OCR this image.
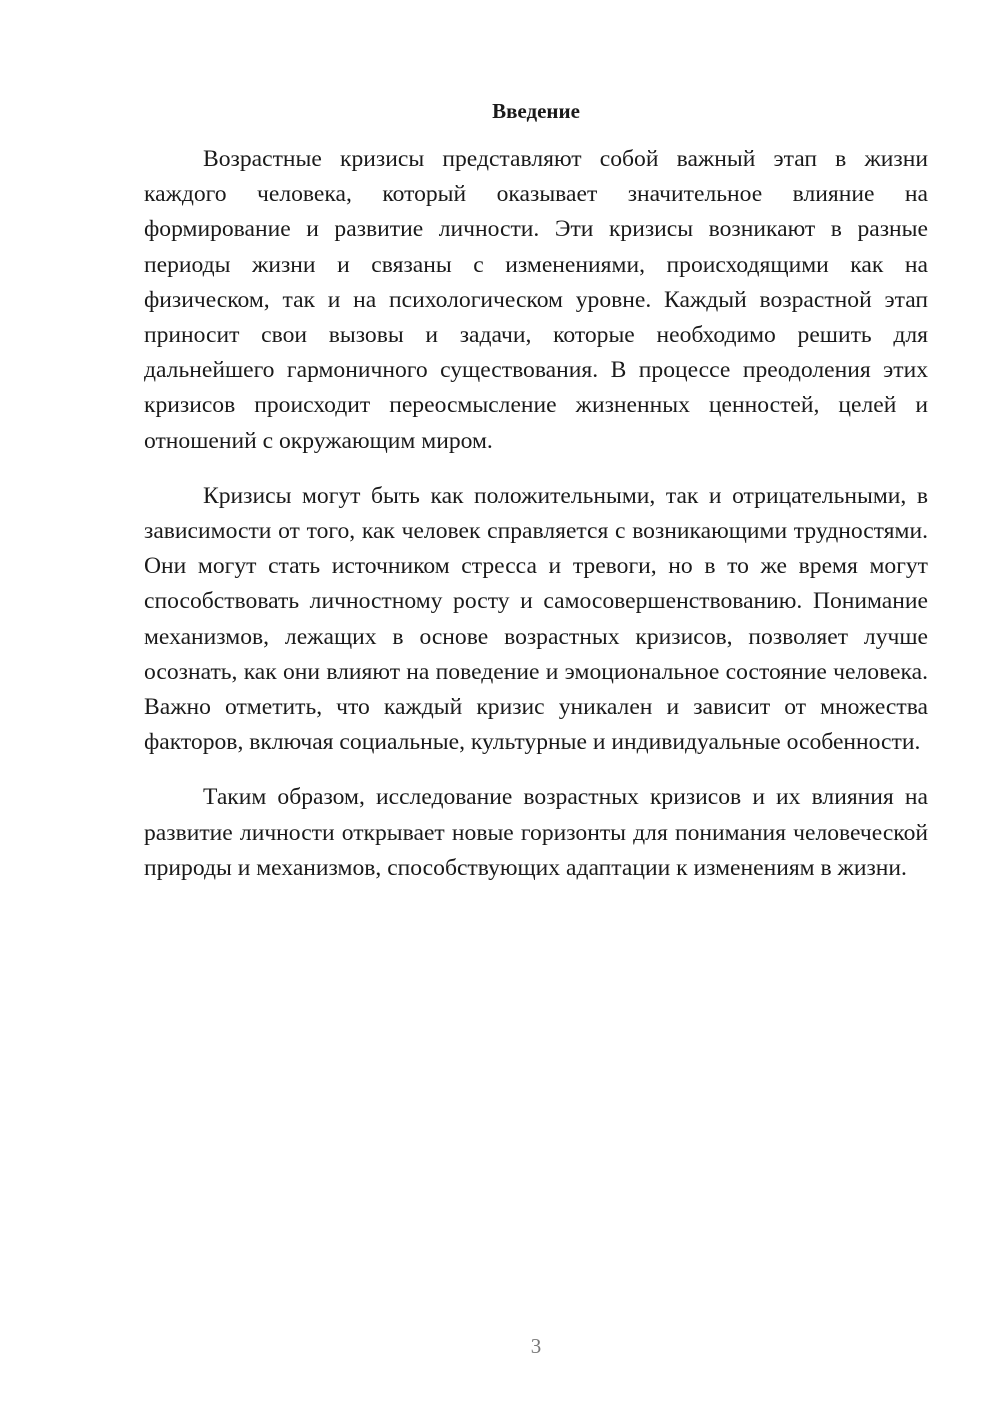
Введение

Возрастные кризисы представляют собой важный этап в жизни каждого человека, который оказывает значительное влияние на формирование и развитие личности. Эти кризисы возникают в разные периоды жизни и связаны с изменениями, происходящими как на физическом, так и на психологическом уровне. Каждый возрастной этап приносит свои вызовы и задачи, которые необходимо решить для дальнейшего гармоничного существования. В процессе преодоления этих кризисов происходит переосмысление жизненных ценностей, целей и отношений с окружающим миром.

Кризисы могут быть как положительными, так и отрицательными, в зависимости от того, как человек справляется с возникающими трудностями. Они могут стать источником стресса и тревоги, но в то же время могут способствовать личностному росту и самосовершенствованию. Понимание механизмов, лежащих в основе возрастных кризисов, позволяет лучше осознать, как они влияют на поведение и эмоциональное состояние человека. Важно отметить, что каждый кризис уникален и зависит от множества факторов, включая социальные, культурные и индивидуальные особенности.

Таким образом, исследование возрастных кризисов и их влияния на развитие личности открывает новые горизонты для понимания человеческой природы и механизмов, способствующих адаптации к изменениям в жизни.

3
